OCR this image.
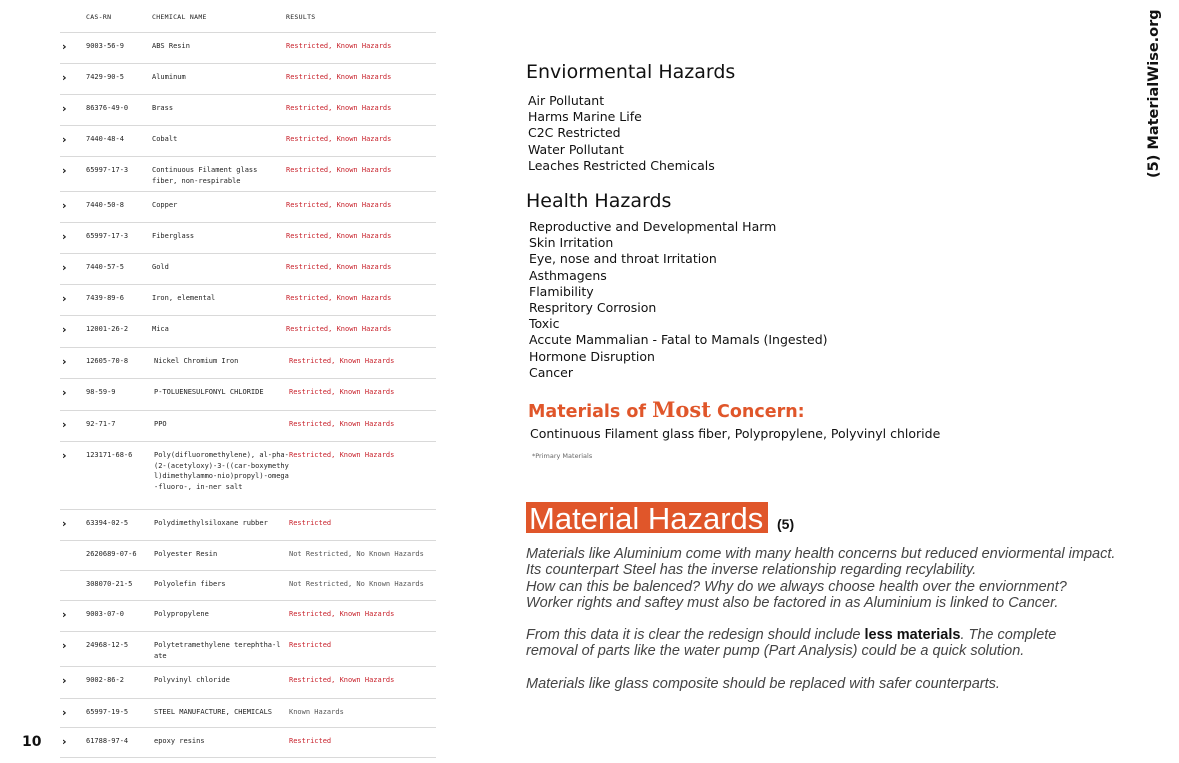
CAS-RN	CHEMICAL NAME	RESULTS
›	9003-56-9	ABS Resin	Restricted, Known Hazards
›	7429-90-5	Aluminum	Restricted, Known Hazards
›	86376-49-0	Brass	Restricted, Known Hazards
›	7440-48-4	Cobalt	Restricted, Known Hazards
›	65997-17-3	Continuous Filament glass fiber, non-respirable
Restricted, Known Hazards
›	7440-50-8	Copper	Restricted, Known Hazards
›	65997-17-3	Fiberglass	Restricted, Known Hazards
›	7440-57-5	Gold	Restricted, Known Hazards
›	7439-89-6	Iron, elemental	Restricted, Known Hazards
›	12001-26-2	Mica	Restricted, Known Hazards
›	12605-70-8	Nickel Chromium Iron	Restricted, Known Hazards
›	98-59-9	P-TOLUENESULFONYL CHLORIDE	Restricted, Known Hazards
›	92-71-7	PPO	Restricted, Known Hazards
›	123171-68-6	Poly(difluoromethylene), al-pha-(2-(acetyloxy)-3-((car-boxymethyl)dimethylammo-nio)propyl)-omega-fluoro-, in-ner salt
Restricted, Known Hazards
›	63394-02-5	Polydimethylsiloxane rubber	Restricted
2620689-07-6 Polyester Resin	Not Restricted, No Known Hazards
308070-21-5	Polyolefin fibers	Not Restricted, No Known Hazards
›	9003-07-0	Polypropylene	Restricted, Known Hazards
›	24968-12-5	Polytetramethylene terephtha-late
Restricted
›	9002-86-2	Polyvinyl chloride	Restricted, Known Hazards
›	65997-19-5	STEEL MANUFACTURE, CHEMICALS	Known Hazards
›	61788-97-4	epoxy resins	Restricted
10
(5) MaterialWise.org
Enviormental Hazards
Air Pollutant
Harms Marine Life
C2C Restricted
Water Pollutant
Leaches Restricted Chemicals
Health Hazards
Reproductive and Developmental Harm
Skin Irritation
Eye, nose and throat Irritation
Asthmagens
Flamibility
Respritory Corrosion
Toxic
Accute Mammalian - Fatal to Mamals (Ingested)
Hormone Disruption
Cancer
Materials of Most Concern:
Continuous Filament glass fiber, Polypropylene, Polyvinyl chloride
*Primary Materials
Material Hazards (5)
Materials like Aluminium come with many health concerns but reduced enviormental impact.
Its counterpart Steel has the inverse relationship regarding recylability.
How can this be balenced? Why do we always choose health over the enviornment?
Worker rights and saftey must also be factored in as Aluminium is linked to Cancer.
From this data it is clear the redesign should include less materials. The complete
removal of parts like the water pump (Part Analysis) could be a quick solution.
Materials like glass composite should be replaced with safer counterparts.
